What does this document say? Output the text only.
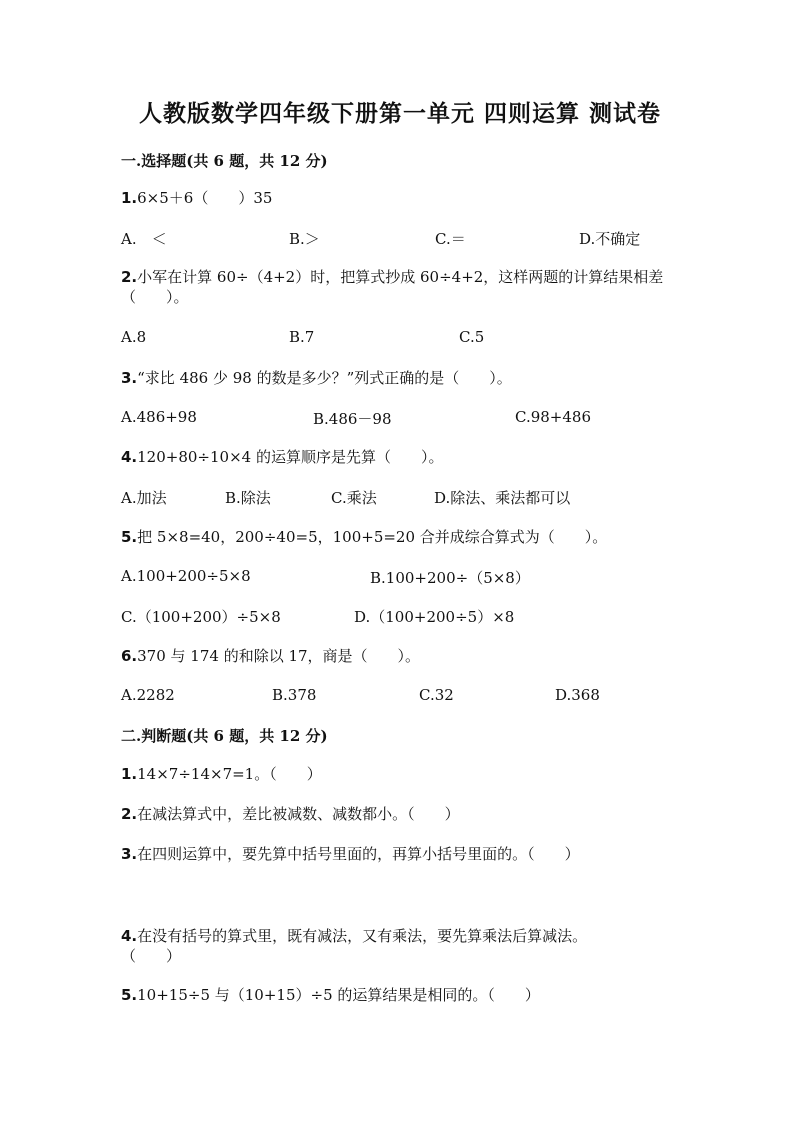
人教版数学四年级下册第一单元 四则运算 测试卷
一.选择题(共 6 题，共 12 分)
1.6×5＋6（　　）35
A.　＜	B.＞	C.＝	D.不确定
2.小军在计算 60÷（4+2）时，把算式抄成 60÷4+2，这样两题的计算结果相差
（　　）。
A.8	B.7	C.5
3.“求比 486 少 98 的数是多少？”列式正确的是（　　）。
A.486+98	B.486－98	C.98+486
4.120+80÷10×4 的运算顺序是先算（　　）。
A.加法	B.除法	C.乘法	D.除法、乘法都可以
5.把 5×8=40，200÷40=5，100+5=20 合并成综合算式为（　　）。
A.100+200÷5×8	B.100+200÷（5×8）
C.（100+200）÷5×8	D.（100+200÷5）×8
6.370 与 174 的和除以 17，商是（　　）。
A.2282	B.378	C.32	D.368
二.判断题(共 6 题，共 12 分)
1.14×7÷14×7=1。（　　）
2.在减法算式中，差比被减数、减数都小。（　　）
3.在四则运算中，要先算中括号里面的，再算小括号里面的。（　　）
4.在没有括号的算式里，既有减法，又有乘法，要先算乘法后算减法。
（　　）
5.10+15÷5 与（10+15）÷5 的运算结果是相同的。（　　）
